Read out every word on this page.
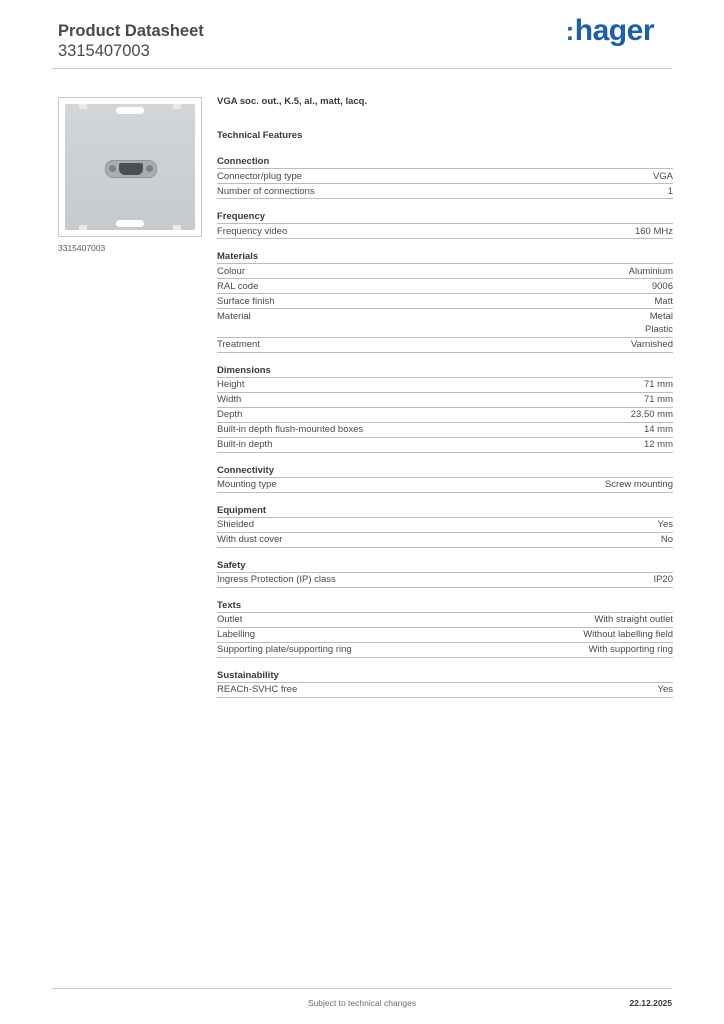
Product Datasheet
3315407003
:hager
3315407003
VGA soc. out., K.5, al., matt, lacq.
Technical Features
Connection
Connector/plug type	VGA
Number of connections	1
Frequency
Frequency video	160 MHz
Materials
Colour	Aluminium
RAL code	9006
Surface finish	Matt
Material	Metal
Plastic
Treatment	Varnished
Dimensions
Height	71 mm
Width	71 mm
Depth	23.50 mm
Built-in depth flush-mounted boxes	14 mm
Built-in depth	12 mm
Connectivity
Mounting type	Screw mounting
Equipment
Shielded	Yes
With dust cover	No
Safety
Ingress Protection (IP) class	IP20
Texts
Outlet	With straight outlet
Labelling	Without labelling field
Supporting plate/supporting ring	With supporting ring
Sustainability
REACh-SVHC free	Yes
Subject to technical changes	22.12.2025
